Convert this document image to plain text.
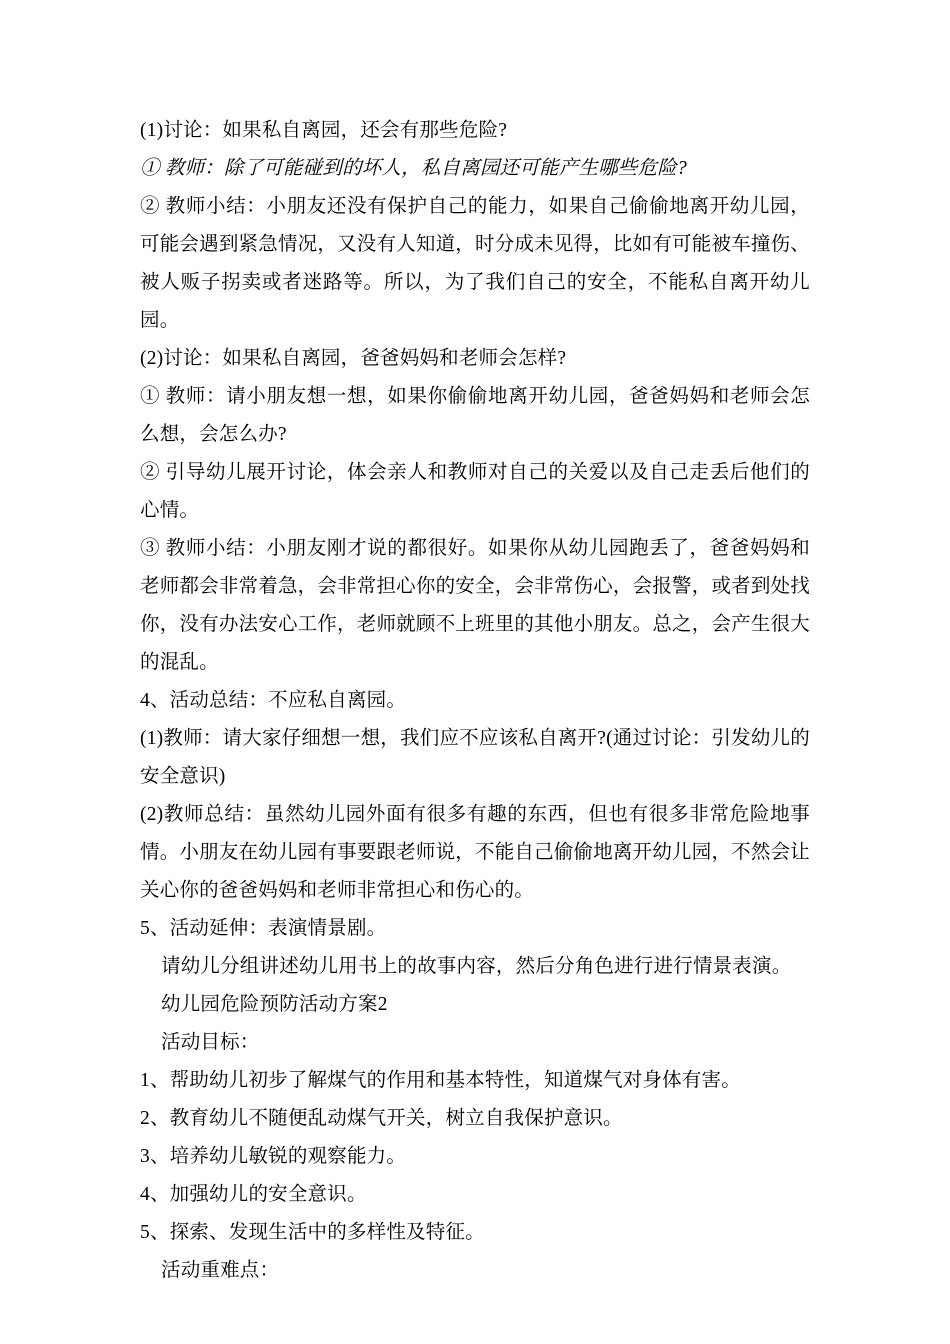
(1)讨论：如果私自离园，还会有那些危险?

① 教师：除了可能碰到的坏人，私自离园还可能产生哪些危险?

② 教师小结：小朋友还没有保护自己的能力，如果自己偷偷地离开幼儿园，可能会遇到紧急情况，又没有人知道，时分成未见得，比如有可能被车撞伤、被人贩子拐卖或者迷路等。所以，为了我们自己的安全，不能私自离开幼儿园。

(2)讨论：如果私自离园，爸爸妈妈和老师会怎样?

① 教师：请小朋友想一想，如果你偷偷地离开幼儿园，爸爸妈妈和老师会怎么想，会怎么办?

② 引导幼儿展开讨论，体会亲人和教师对自己的关爱以及自己走丢后他们的心情。

③ 教师小结：小朋友刚才说的都很好。如果你从幼儿园跑丢了，爸爸妈妈和老师都会非常着急，会非常担心你的安全，会非常伤心，会报警，或者到处找你，没有办法安心工作，老师就顾不上班里的其他小朋友。总之，会产生很大的混乱。

4、活动总结：不应私自离园。

(1)教师：请大家仔细想一想，我们应不应该私自离开?(通过讨论：引发幼儿的安全意识)

(2)教师总结：虽然幼儿园外面有很多有趣的东西，但也有很多非常危险地事情。小朋友在幼儿园有事要跟老师说，不能自己偷偷地离开幼儿园，不然会让关心你的爸爸妈妈和老师非常担心和伤心的。

5、活动延伸：表演情景剧。

请幼儿分组讲述幼儿用书上的故事内容，然后分角色进行进行情景表演。

幼儿园危险预防活动方案2

活动目标：

1、帮助幼儿初步了解煤气的作用和基本特性，知道煤气对身体有害。

2、教育幼儿不随便乱动煤气开关，树立自我保护意识。

3、培养幼儿敏锐的观察能力。

4、加强幼儿的安全意识。

5、探索、发现生活中的多样性及特征。

活动重难点：
